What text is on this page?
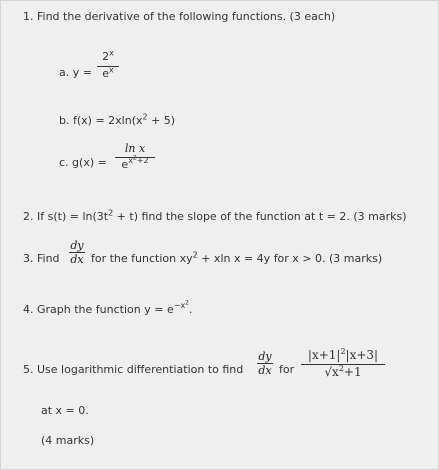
1. Find the derivative of the following functions. (3 each)
a. y =
$2^x$
$e^x$
b. $f(x) = 2xln(x^2 + 5)$
c. g(x) =
ln x
$e^{x^2+2}$
2. If $s(t) = \ln(3t^2 + t)$ find the slope of the function at t = 2. (3 marks)
3. Find
dy
dx for the function $xy^2 + xln$ x = 4y for x > 0. (3 marks)
4. Graph the function $y = e^{-x^2}$.
5. Use logarithmic differentiation to find
dy
dx for
$|x+1|^2|x+3|$
$√x^2+1$
at x = 0.
(4 marks)
